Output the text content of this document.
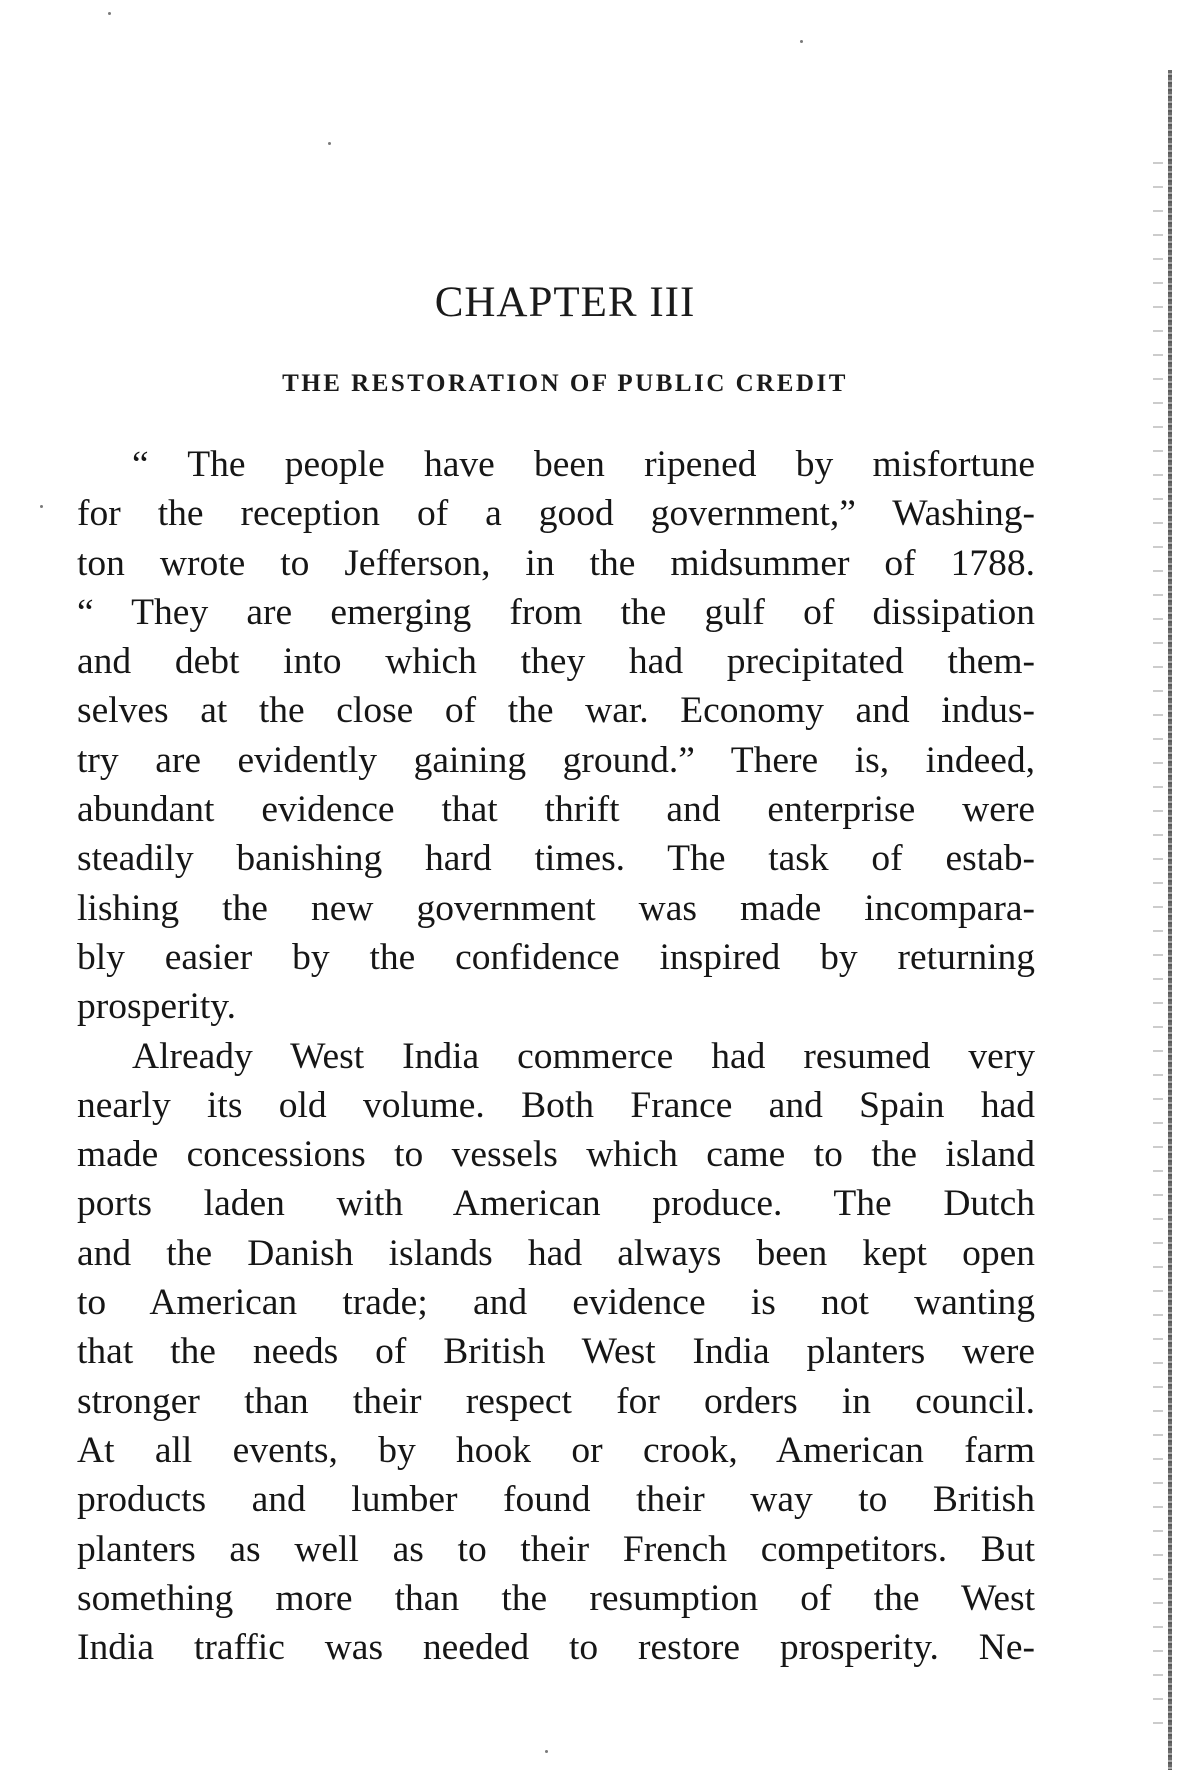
CHAPTER III
THE RESTORATION OF PUBLIC CREDIT
“ The people have been ripened by misfortune
for the reception of a good government,” Washing-
ton wrote to Jefferson, in the midsummer of 1788.
“ They are emerging from the gulf of dissipation
and debt into which they had precipitated them-
selves at the close of the war. Economy and indus-
try are evidently gaining ground.” There is, indeed,
abundant evidence that thrift and enterprise were
steadily banishing hard times. The task of estab-
lishing the new government was made incompara-
bly easier by the confidence inspired by returning
prosperity.
Already West India commerce had resumed very
nearly its old volume. Both France and Spain had
made concessions to vessels which came to the island
ports laden with American produce. The Dutch
and the Danish islands had always been kept open
to American trade; and evidence is not wanting
that the needs of British West India planters were
stronger than their respect for orders in council.
At all events, by hook or crook, American farm
products and lumber found their way to British
planters as well as to their French competitors. But
something more than the resumption of the West
India traffic was needed to restore prosperity. Ne-
